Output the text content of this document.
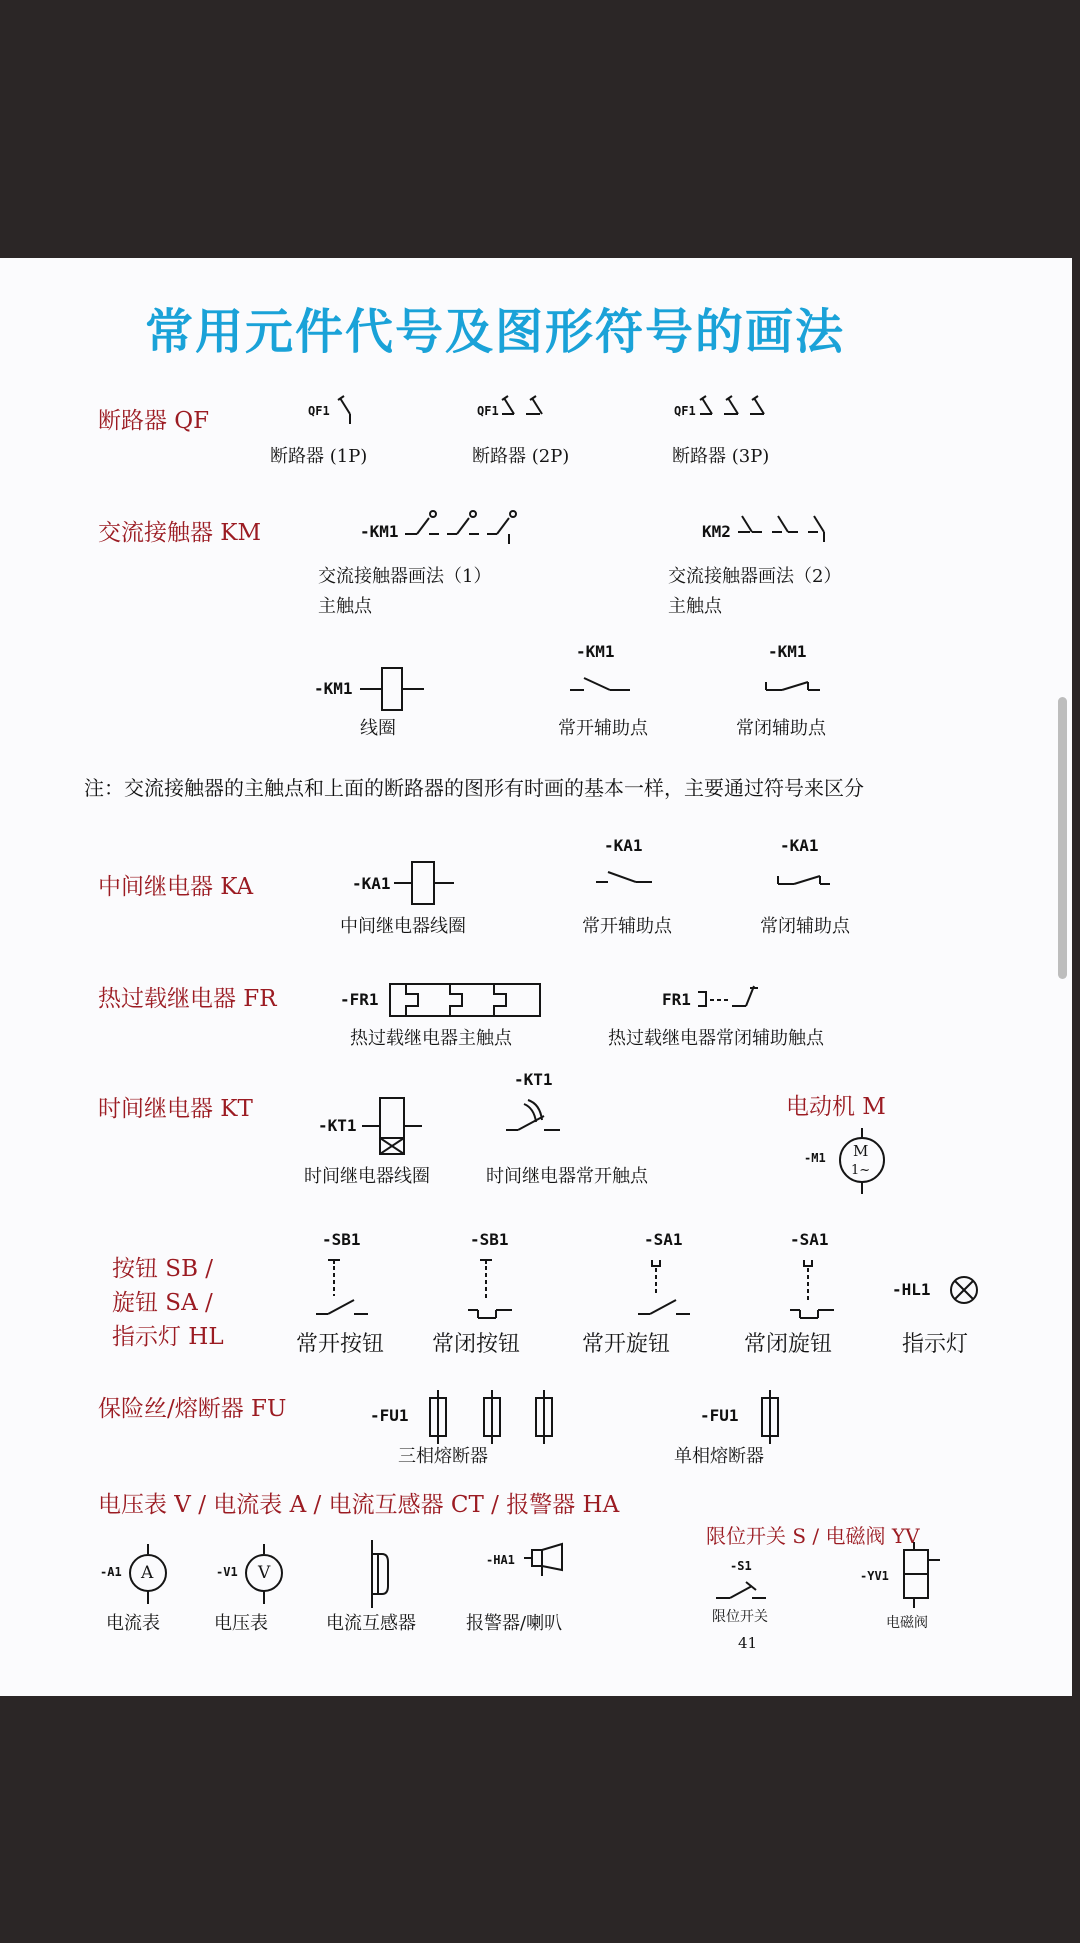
常用元件代号及图形符号的画法
断路器 QF	QF1
断路器 (1P)
QF1
断路器 (2P)
QF1
断路器 (3P)
交流接触器 KM	-KM1
交流接触器画法（1）
主触点
KM2
交流接触器画法（2）
主触点
-KM1
线圈
-KM1
常开辅助点
-KM1
常闭辅助点
注：交流接触器的主触点和上面的断路器的图形有时画的基本一样，主要通过符号来区分
中间继电器 KA	-KA1
中间继电器线圈
-KA1
常开辅助点
-KA1
常闭辅助点
热过载继电器 FR	-FR1
热过载继电器主触点
FR1
热过载继电器常闭辅助触点
时间继电器 KT
-KT1
时间继电器线圈
-KT1
时间继电器常开触点
电动机 M
-M1 M
1~
按钮 SB /
旋钮 SA /
指示灯 HL
-SB1
常开按钮
-SB1
常闭按钮
-SA1
常开旋钮
-SA1
常闭旋钮
-HL1
指示灯
保险丝/熔断器 FU	-FU1
三相熔断器
-FU1
单相熔断器
电压表 V / 电流表 A / 电流互感器 CT / 报警器 HA
-A1 A
电流表
-V1 V
电压表	电流互感器
-HA1
报警器/喇叭
限位开关 S / 电磁阀 YV
-S1
限位开关
-YV1
电磁阀
41
